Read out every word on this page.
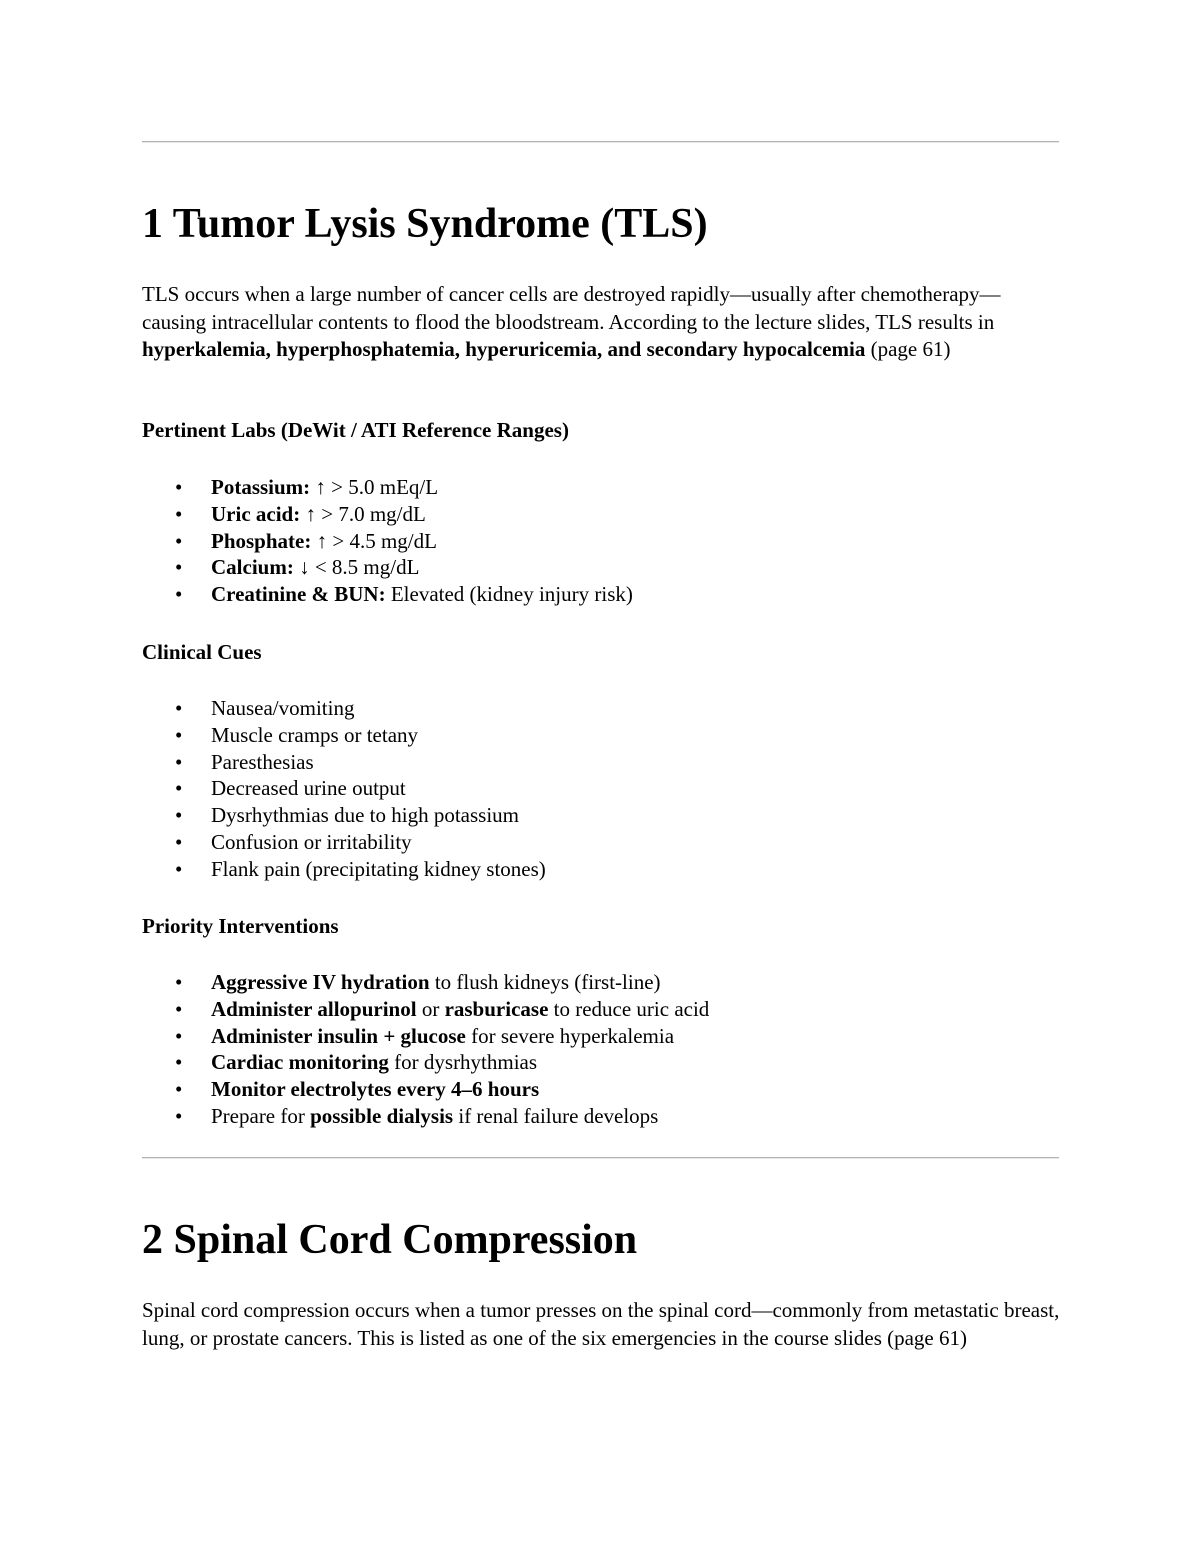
1 Tumor Lysis Syndrome (TLS)

TLS occurs when a large number of cancer cells are destroyed rapidly—usually after chemotherapy—causing intracellular contents to flood the bloodstream. According to the lecture slides, TLS results in hyperkalemia, hyperphosphatemia, hyperuricemia, and secondary hypocalcemia (page 61)

Pertinent Labs (DeWit / ATI Reference Ranges)
• Potassium: ↑ > 5.0 mEq/L
• Uric acid: ↑ > 7.0 mg/dL
• Phosphate: ↑ > 4.5 mg/dL
• Calcium: ↓ < 8.5 mg/dL
• Creatinine & BUN: Elevated (kidney injury risk)
Clinical Cues
• Nausea/vomiting
• Muscle cramps or tetany
• Paresthesias
• Decreased urine output
• Dysrhythmias due to high potassium
• Confusion or irritability
• Flank pain (precipitating kidney stones)
Priority Interventions
• Aggressive IV hydration to flush kidneys (first-line)
• Administer allopurinol or rasburicase to reduce uric acid
• Administer insulin + glucose for severe hyperkalemia
• Cardiac monitoring for dysrhythmias
• Monitor electrolytes every 4–6 hours
• Prepare for possible dialysis if renal failure develops
2 Spinal Cord Compression

Spinal cord compression occurs when a tumor presses on the spinal cord—commonly from metastatic breast, lung, or prostate cancers. This is listed as one of the six emergencies in the course slides (page 61)
